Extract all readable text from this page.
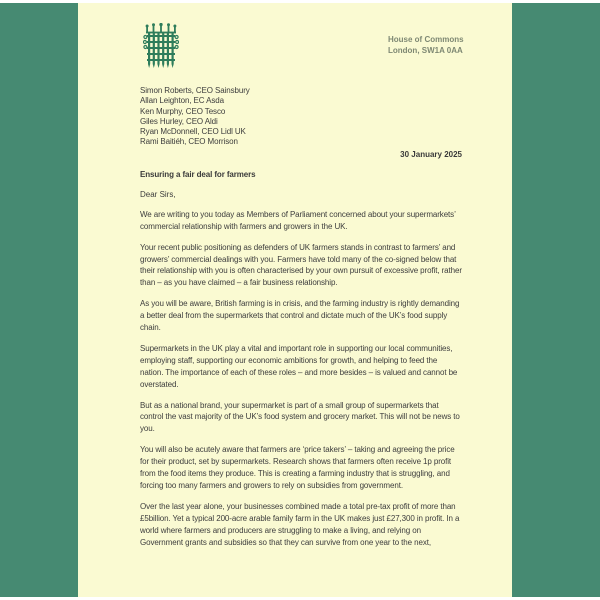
House of Commons
London, SW1A 0AA
Simon Roberts, CEO Sainsbury
Allan Leighton, EC Asda
Ken Murphy, CEO Tesco
Giles Hurley, CEO Aldi
Ryan McDonnell, CEO Lidl UK
Rami Baitiéh, CEO Morrison
30 January 2025
Ensuring a fair deal for farmers
Dear Sirs,

We are writing to you today as Members of Parliament concerned about your supermarkets’ commercial relationship with farmers and growers in the UK.

Your recent public positioning as defenders of UK farmers stands in contrast to farmers’ and growers’ commercial dealings with you. Farmers have told many of the co-signed below that their relationship with you is often characterised by your own pursuit of excessive profit, rather than – as you have claimed – a fair business relationship.

As you will be aware, British farming is in crisis, and the farming industry is rightly demanding a better deal from the supermarkets that control and dictate much of the UK’s food supply chain.

Supermarkets in the UK play a vital and important role in supporting our local communities, employing staff, supporting our economic ambitions for growth, and helping to feed the nation. The importance of each of these roles – and more besides – is valued and cannot be overstated.

But as a national brand, your supermarket is part of a small group of supermarkets that control the vast majority of the UK’s food system and grocery market. This will not be news to you.

You will also be acutely aware that farmers are ‘price takers’ – taking and agreeing the price for their product, set by supermarkets. Research shows that farmers often receive 1p profit from the food items they produce. This is creating a farming industry that is struggling, and forcing too many farmers and growers to rely on subsidies from government.

Over the last year alone, your businesses combined made a total pre-tax profit of more than £5billion. Yet a typical 200-acre arable family farm in the UK makes just £27,300 in profit. In a world where farmers and producers are struggling to make a living, and relying on Government grants and subsidies so that they can survive from one year to the next,
